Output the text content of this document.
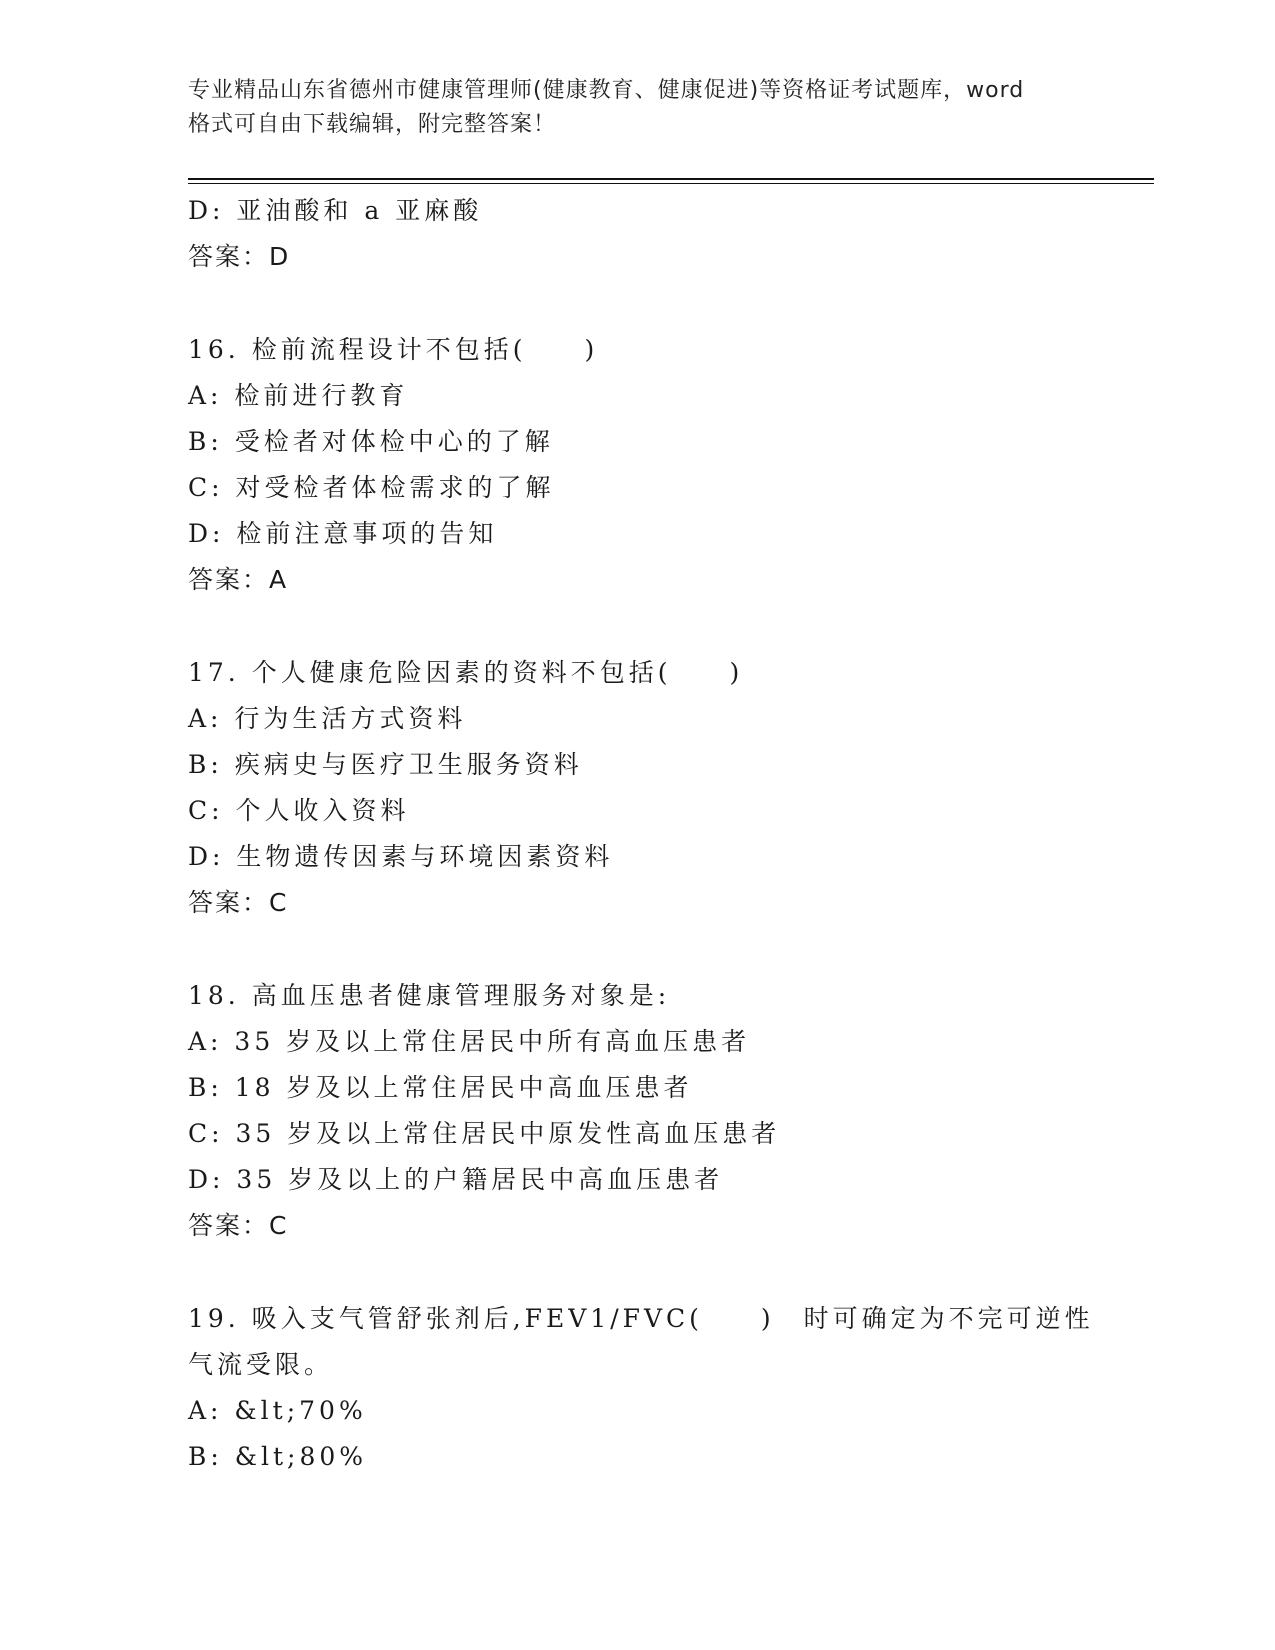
专业精品山东省德州市健康管理师(健康教育、健康促进)等资格证考试题库，word
格式可自由下载编辑，附完整答案！
D: 亚油酸和 a 亚麻酸
答案：D
16. 检前流程设计不包括(　　)
A: 检前进行教育
B: 受检者对体检中心的了解
C: 对受检者体检需求的了解
D: 检前注意事项的告知
答案：A
17. 个人健康危险因素的资料不包括(　　)
A: 行为生活方式资料
B: 疾病史与医疗卫生服务资料
C: 个人收入资料
D: 生物遗传因素与环境因素资料
答案：C
18. 高血压患者健康管理服务对象是:
A: 35 岁及以上常住居民中所有高血压患者
B: 18 岁及以上常住居民中高血压患者
C: 35 岁及以上常住居民中原发性高血压患者
D: 35 岁及以上的户籍居民中高血压患者
答案：C
19. 吸入支气管舒张剂后,FEV1/FVC(　　)　时可确定为不完可逆性
气流受限。
A: &lt;70%
B: &lt;80%
